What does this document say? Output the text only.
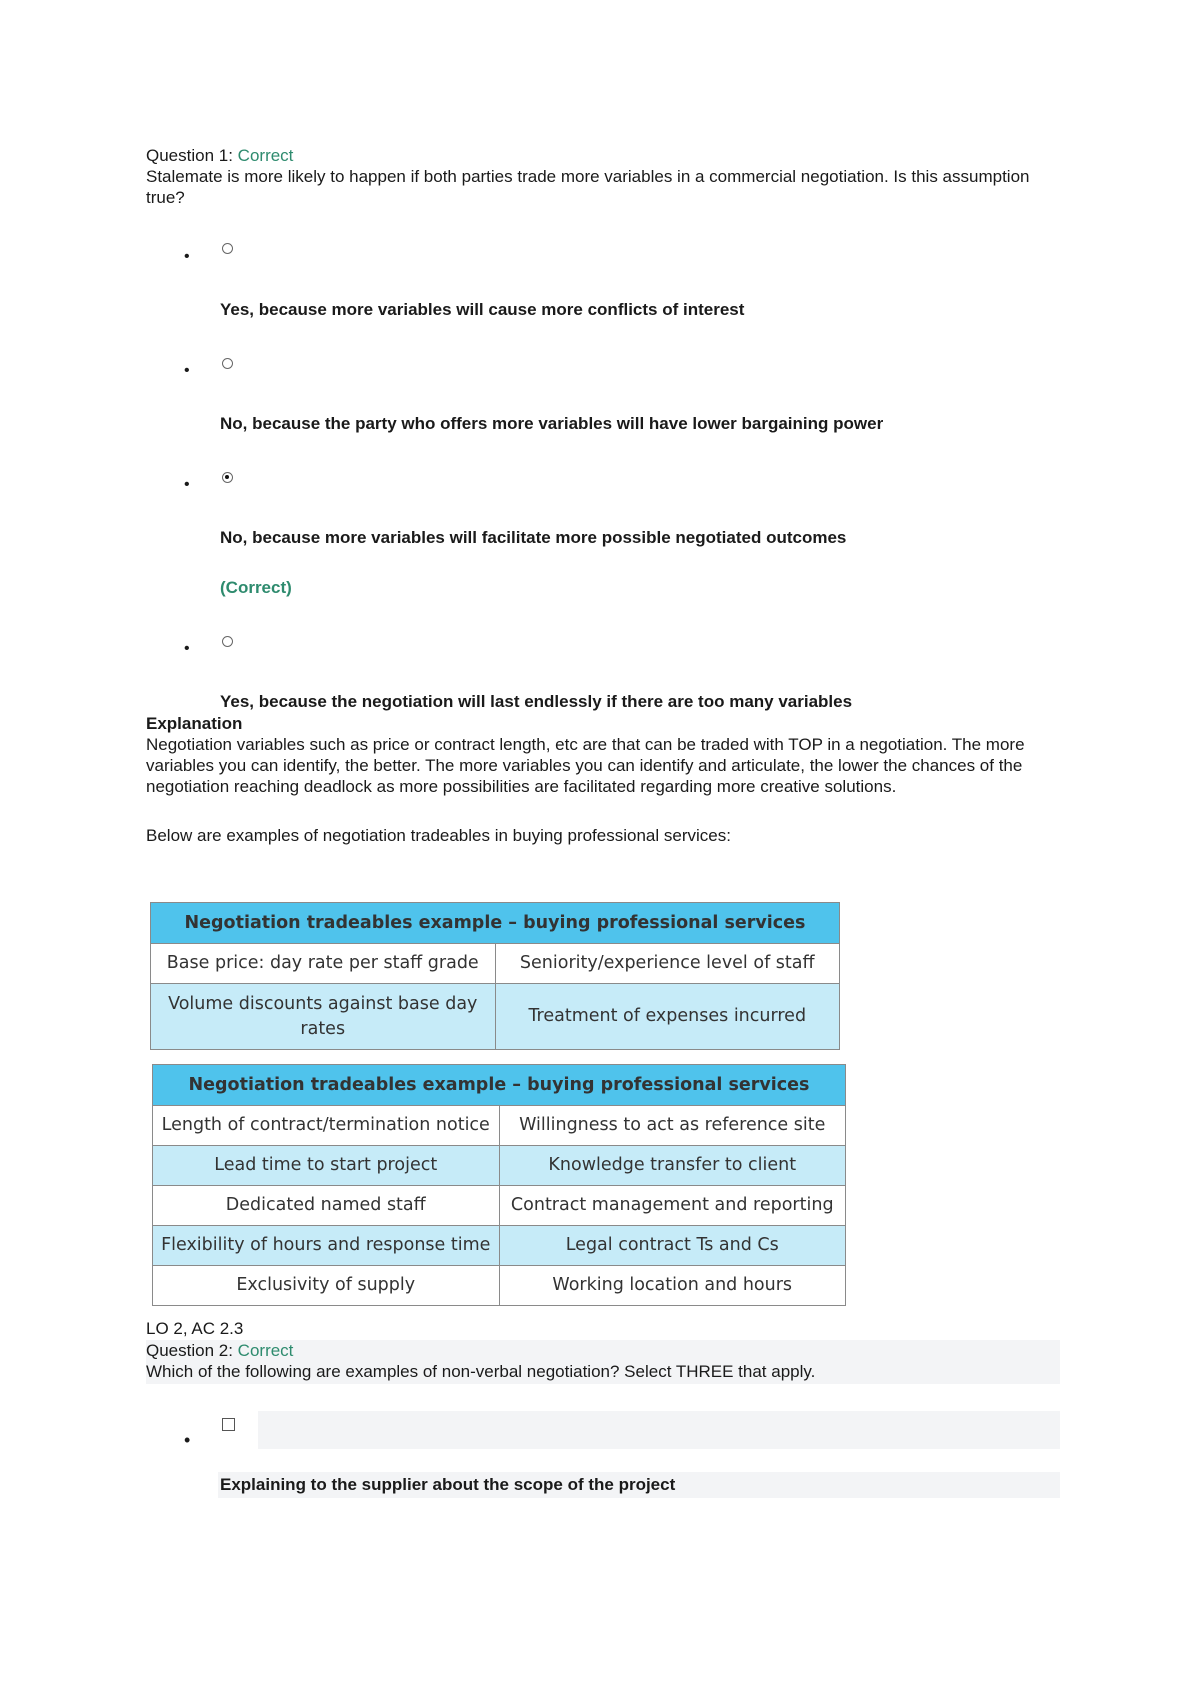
Question 1: Correct

Stalemate is more likely to happen if both parties trade more variables in a commercial negotiation. Is this assumption true?

•
Yes, because more variables will cause more conflicts of interest
•
No, because the party who offers more variables will have lower bargaining power
•
No, because more variables will facilitate more possible negotiated outcomes
(Correct)
•
Yes, because the negotiation will last endlessly if there are too many variables
Explanation

Negotiation variables such as price or contract length, etc are that can be traded with TOP in a negotiation. The more variables you can identify, the better. The more variables you can identify and articulate, the lower the chances of the negotiation reaching deadlock as more possibilities are facilitated regarding more creative solutions.

Below are examples of negotiation tradeables in buying professional services:

Negotiation tradeables example – buying professional services	
Base price: day rate per staff grade	Seniority/experience level of staff
Volume discounts against base day rates	Treatment of expenses incurred
Negotiation tradeables example – buying professional services	
Length of contract/termination notice	Willingness to act as reference site
Lead time to start project	Knowledge transfer to client
Dedicated named staff	Contract management and reporting
Flexibility of hours and response time	Legal contract Ts and Cs
Exclusivity of supply	Working location and hours
LO 2, AC 2.3
Question 2: Correct

Which of the following are examples of non-verbal negotiation? Select THREE that apply.

•
Explaining to the supplier about the scope of the project
